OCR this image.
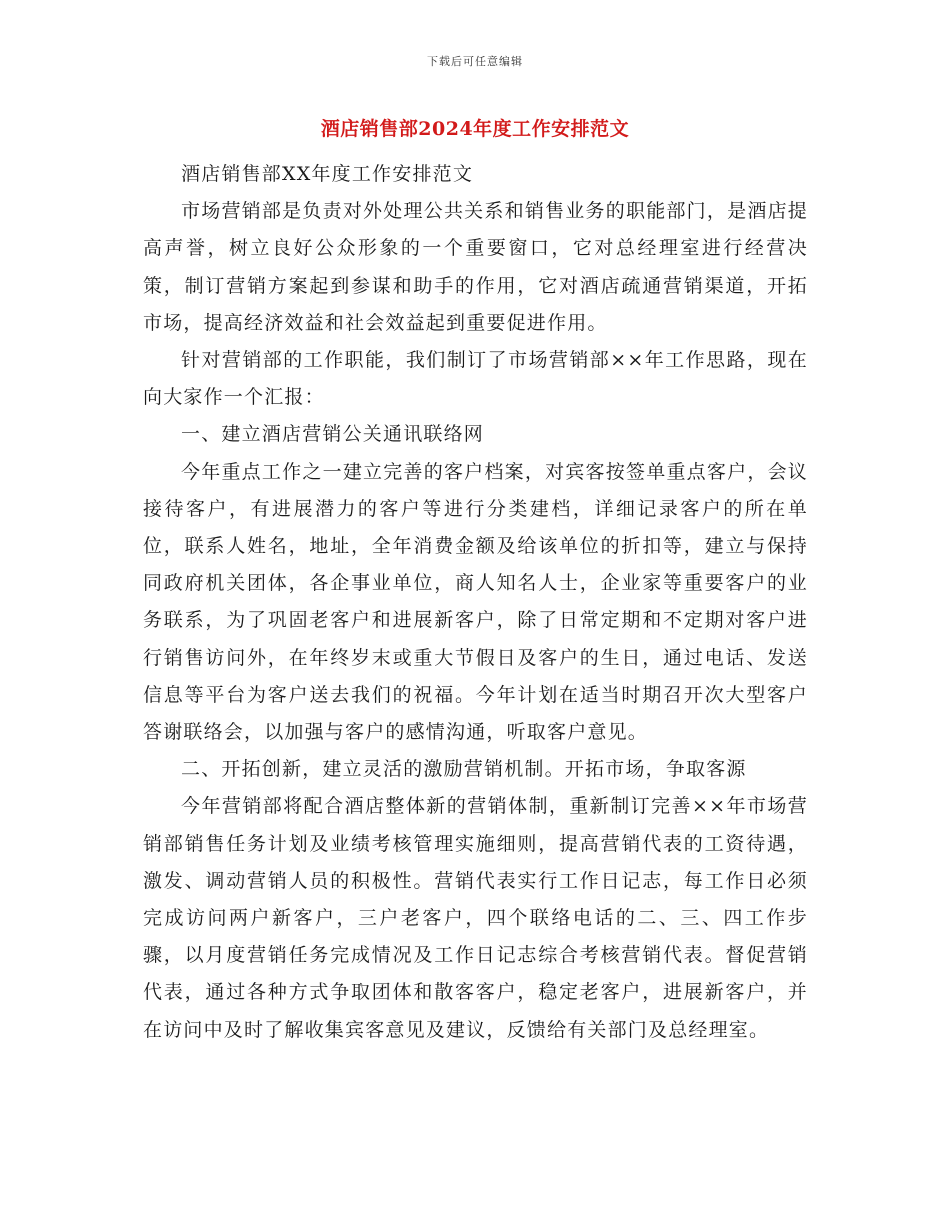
下载后可任意编辑
酒店销售部2024年度工作安排范文

酒店销售部XX年度工作安排范文

市场营销部是负责对外处理公共关系和销售业务的职能部门，是酒店提高声誉，树立良好公众形象的一个重要窗口，它对总经理室进行经营决策，制订营销方案起到参谋和助手的作用，它对酒店疏通营销渠道，开拓市场，提高经济效益和社会效益起到重要促进作用。

针对营销部的工作职能，我们制订了市场营销部××年工作思路，现在向大家作一个汇报：

一、建立酒店营销公关通讯联络网

今年重点工作之一建立完善的客户档案，对宾客按签单重点客户，会议接待客户，有进展潜力的客户等进行分类建档，详细记录客户的所在单位，联系人姓名，地址，全年消费金额及给该单位的折扣等，建立与保持同政府机关团体，各企事业单位，商人知名人士，企业家等重要客户的业务联系，为了巩固老客户和进展新客户，除了日常定期和不定期对客户进行销售访问外，在年终岁末或重大节假日及客户的生日，通过电话、发送信息等平台为客户送去我们的祝福。今年计划在适当时期召开次大型客户答谢联络会，以加强与客户的感情沟通，听取客户意见。

二、开拓创新，建立灵活的激励营销机制。开拓市场，争取客源

今年营销部将配合酒店整体新的营销体制，重新制订完善××年市场营销部销售任务计划及业绩考核管理实施细则，提高营销代表的工资待遇，激发、调动营销人员的积极性。营销代表实行工作日记志，每工作日必须完成访问两户新客户，三户老客户，四个联络电话的二、三、四工作步骤，以月度营销任务完成情况及工作日记志综合考核营销代表。督促营销代表，通过各种方式争取团体和散客客户，稳定老客户，进展新客户，并在访问中及时了解收集宾客意见及建议，反馈给有关部门及总经理室。
